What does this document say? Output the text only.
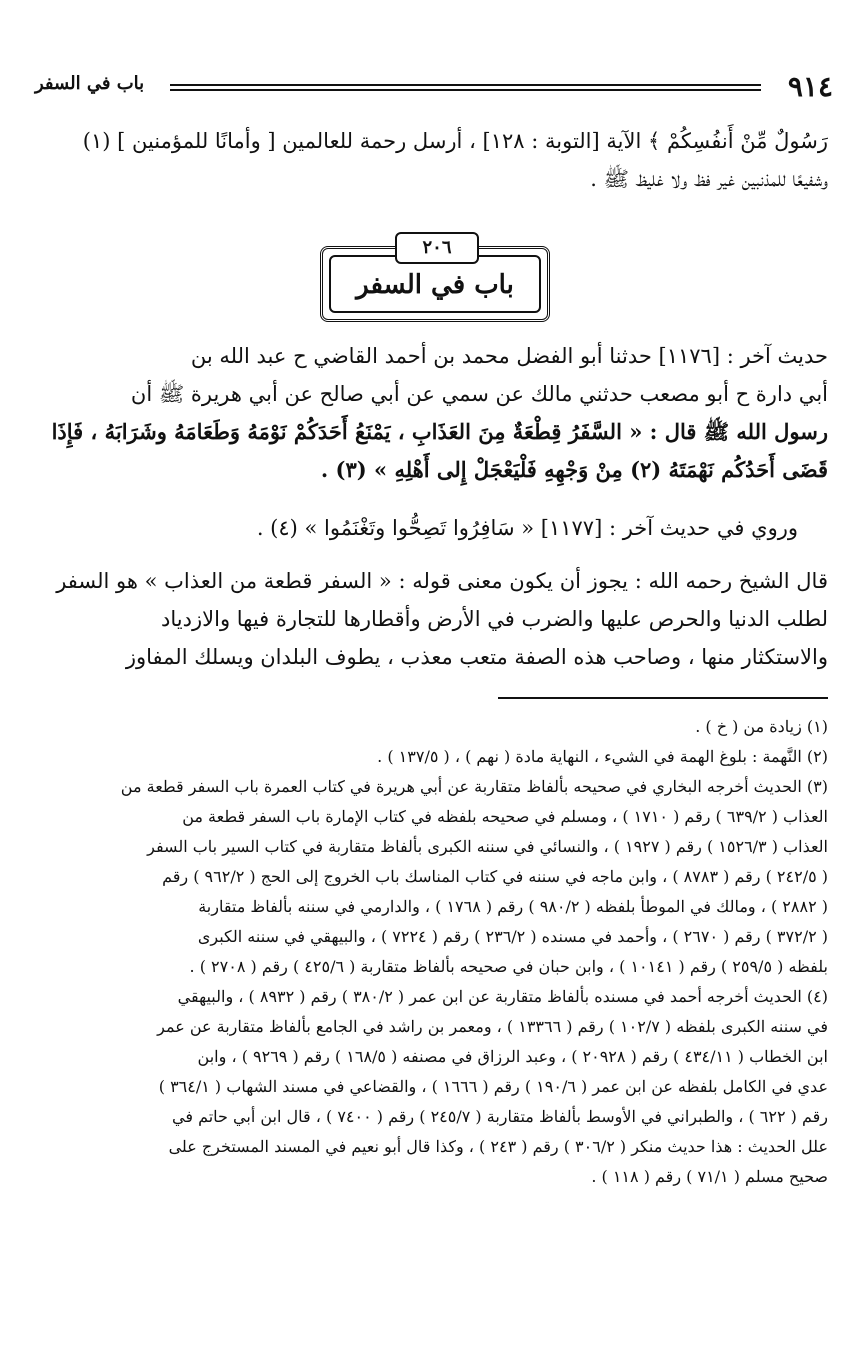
٩١٤
باب في السفر
رَسُولٌ مِّنْ أَنفُسِكُمْ ﴾ الآية [التوبة : ١٢٨] ، أرسل رحمة للعالمين [ وأمانًا للمؤمنين ] (١)
وشفيعًا للمذنبين غير فظ ولا غليظ ﷺ .
٢٠٦
باب في السفر
حديث آخر : [١١٧٦] حدثنا أبو الفضل محمد بن أحمد القاضي ح عبد الله بن
أبي دارة ح أبو مصعب حدثني مالك عن سمي عن أبي صالح عن أبي هريرة ﷺ أن
رسول الله ﷺ قال : « السَّفَرُ قِطْعَةٌ مِنَ العَذَابِ ، يَمْنَعُ أَحَدَكُمْ نَوْمَهُ وَطَعَامَهُ وشَرَابَهُ ، فَإِذَا
قَضَى أَحَدُكُم نَهْمَتَهُ (٢) مِنْ وَجْهِهِ فَلْيَعْجَلْ إِلى أَهْلِهِ » (٣) .
وروي في حديث آخر : [١١٧٧] « سَافِرُوا تَصِحُّوا وتَغْنَمُوا » (٤) .
قال الشيخ رحمه الله : يجوز أن يكون معنى قوله : « السفر قطعة من العذاب » هو السفر
لطلب الدنيا والحرص عليها والضرب في الأرض وأقطارها للتجارة فيها والازدياد
والاستكثار منها ، وصاحب هذه الصفة متعب معذب ، يطوف البلدان ويسلك المفاوز
(١) زيادة من ( خ ) .
(٢) النَّهمة : بلوغ الهمة في الشيء ، النهاية مادة ( نهم ) ، ( ١٣٧/٥ ) .
(٣) الحديث أخرجه البخاري في صحيحه بألفاظ متقاربة عن أبي هريرة في كتاب العمرة باب السفر قطعة من
العذاب ( ٦٣٩/٢ ) رقم ( ١٧١٠ ) ، ومسلم في صحيحه بلفظه في كتاب الإمارة باب السفر قطعة من
العذاب ( ١٥٢٦/٣ ) رقم ( ١٩٢٧ ) ، والنسائي في سننه الكبرى بألفاظ متقاربة في كتاب السير باب السفر
( ٢٤٢/٥ ) رقم ( ٨٧٨٣ ) ، وابن ماجه في سننه في كتاب المناسك باب الخروج إلى الحج ( ٩٦٢/٢ ) رقم
( ٢٨٨٢ ) ، ومالك في الموطأ بلفظه ( ٩٨٠/٢ ) رقم ( ١٧٦٨ ) ، والدارمي في سننه بألفاظ متقاربة
( ٣٧٢/٢ ) رقم ( ٢٦٧٠ ) ، وأحمد في مسنده ( ٢٣٦/٢ ) رقم ( ٧٢٢٤ ) ، والبيهقي في سننه الكبرى
بلفظه ( ٢٥٩/٥ ) رقم ( ١٠١٤١ ) ، وابن حبان في صحيحه بألفاظ متقاربة ( ٤٢٥/٦ ) رقم ( ٢٧٠٨ ) .
(٤) الحديث أخرجه أحمد في مسنده بألفاظ متقاربة عن ابن عمر ( ٣٨٠/٢ ) رقم ( ٨٩٣٢ ) ، والبيهقي
في سننه الكبرى بلفظه ( ١٠٢/٧ ) رقم ( ١٣٣٦٦ ) ، ومعمر بن راشد في الجامع بألفاظ متقاربة عن عمر
ابن الخطاب ( ٤٣٤/١١ ) رقم ( ٢٠٩٢٨ ) ، وعبد الرزاق في مصنفه ( ١٦٨/٥ ) رقم ( ٩٢٦٩ ) ، وابن
عدي في الكامل بلفظه عن ابن عمر ( ١٩٠/٦ ) رقم ( ١٦٦٦ ) ، والقضاعي في مسند الشهاب ( ٣٦٤/١ )
رقم ( ٦٢٢ ) ، والطبراني في الأوسط بألفاظ متقاربة ( ٢٤٥/٧ ) رقم ( ٧٤٠٠ ) ، قال ابن أبي حاتم في
علل الحديث : هذا حديث منكر ( ٣٠٦/٢ ) رقم ( ٢٤٣ ) ، وكذا قال أبو نعيم في المسند المستخرج على
صحيح مسلم ( ٧١/١ ) رقم ( ١١٨ ) .
